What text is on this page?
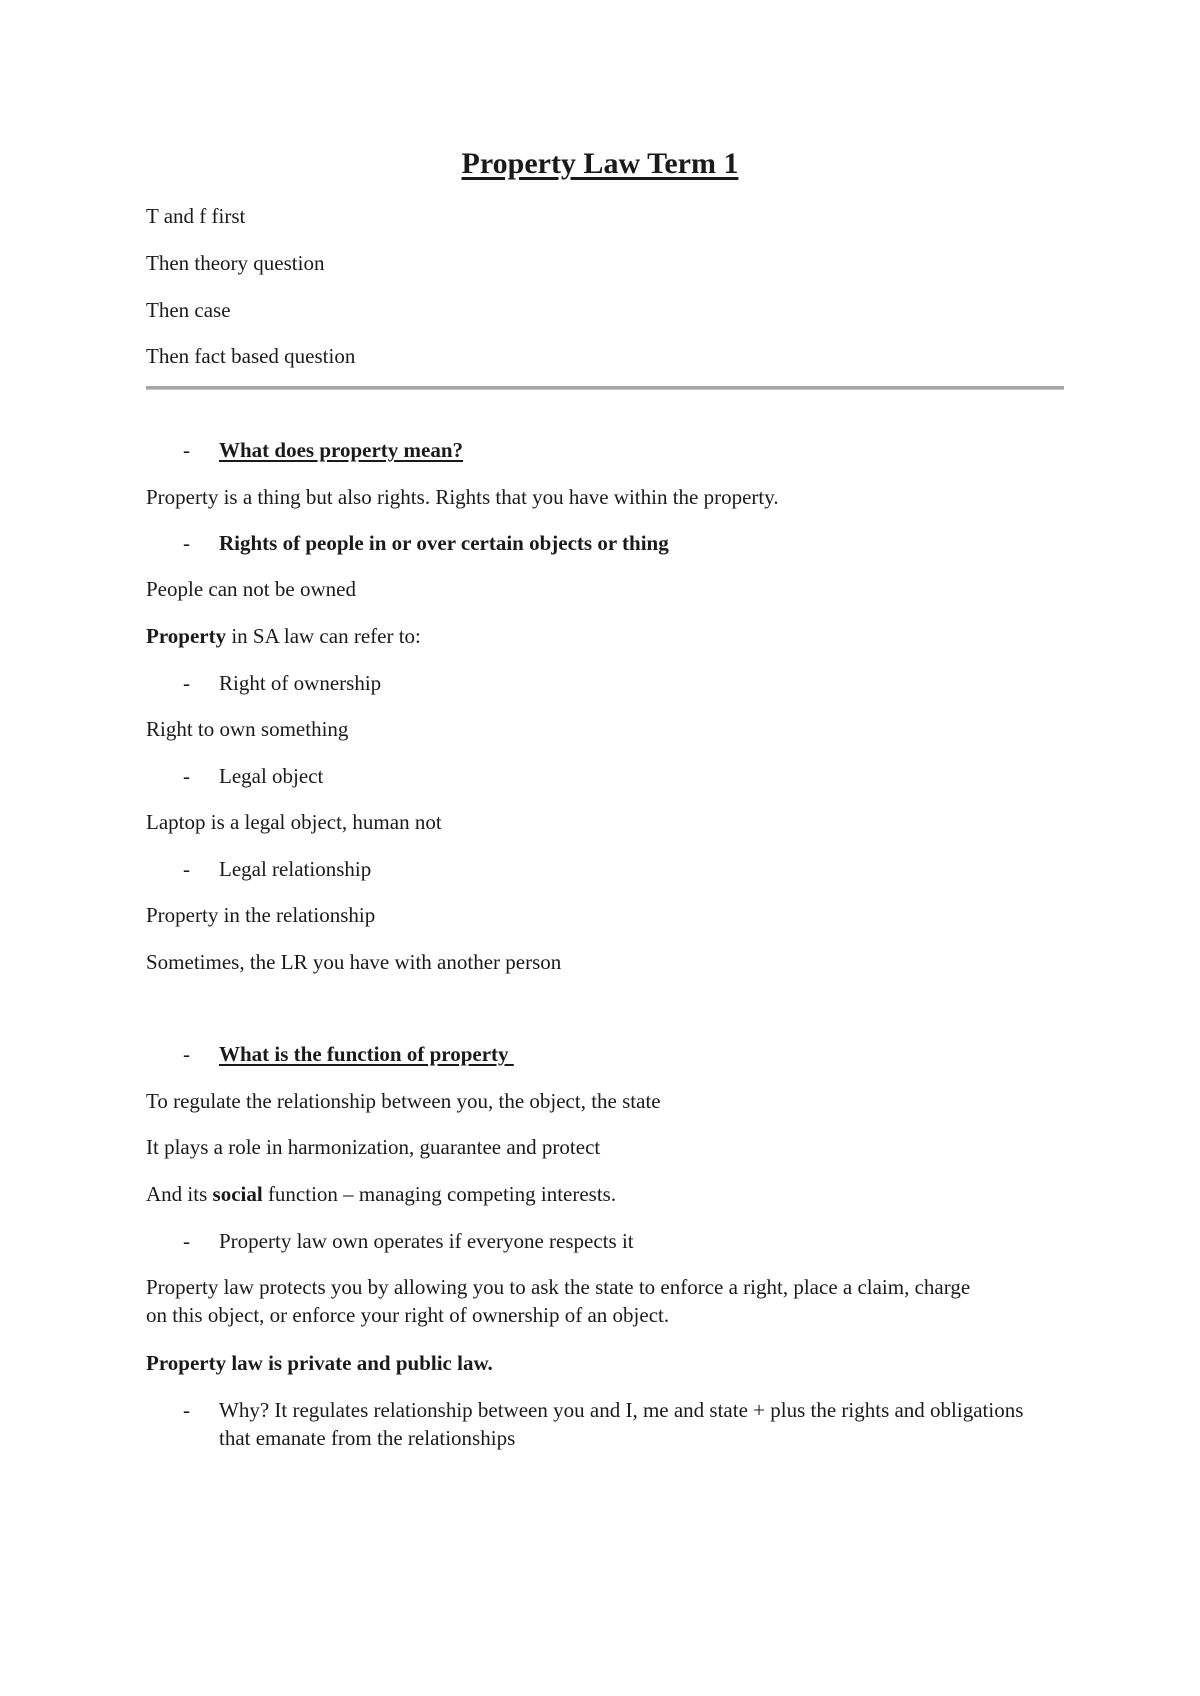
Property Law Term 1
T and f first
Then theory question
Then case
Then fact based question
- What does property mean?
Property is a thing but also rights. Rights that you have within the property.
- Rights of people in or over certain objects or thing
People can not be owned
Property in SA law can refer to:
- Right of ownership
Right to own something
- Legal object
Laptop is a legal object, human not
- Legal relationship
Property in the relationship
Sometimes, the LR you have with another person
- What is the function of property
To regulate the relationship between you, the object, the state
It plays a role in harmonization, guarantee and protect
And its social function – managing competing interests.
- Property law own operates if everyone respects it
Property law protects you by allowing you to ask the state to enforce a right, place a claim, charge on this object, or enforce your right of ownership of an object.
Property law is private and public law.
- Why? It regulates relationship between you and I, me and state + plus the rights and obligations that emanate from the relationships
